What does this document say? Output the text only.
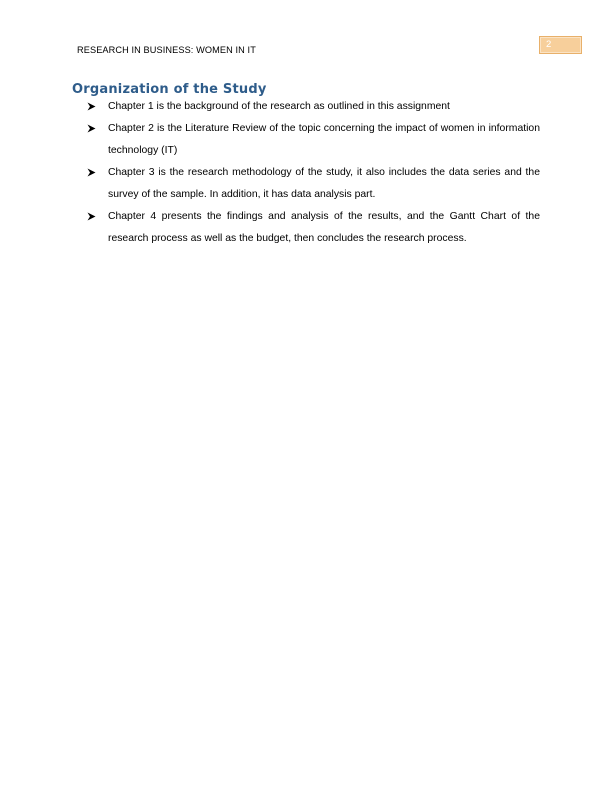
RESEARCH IN BUSINESS: WOMEN IN IT	2
Organization of the Study
Chapter 1 is the background of the research as outlined in this assignment
Chapter 2 is the Literature Review of the topic concerning the impact of women in information technology (IT)
Chapter 3 is the research methodology of the study, it also includes the data series and the survey of the sample. In addition, it has data analysis part.
Chapter 4 presents the findings and analysis of the results, and the Gantt Chart of the research process as well as the budget, then concludes the research process.
